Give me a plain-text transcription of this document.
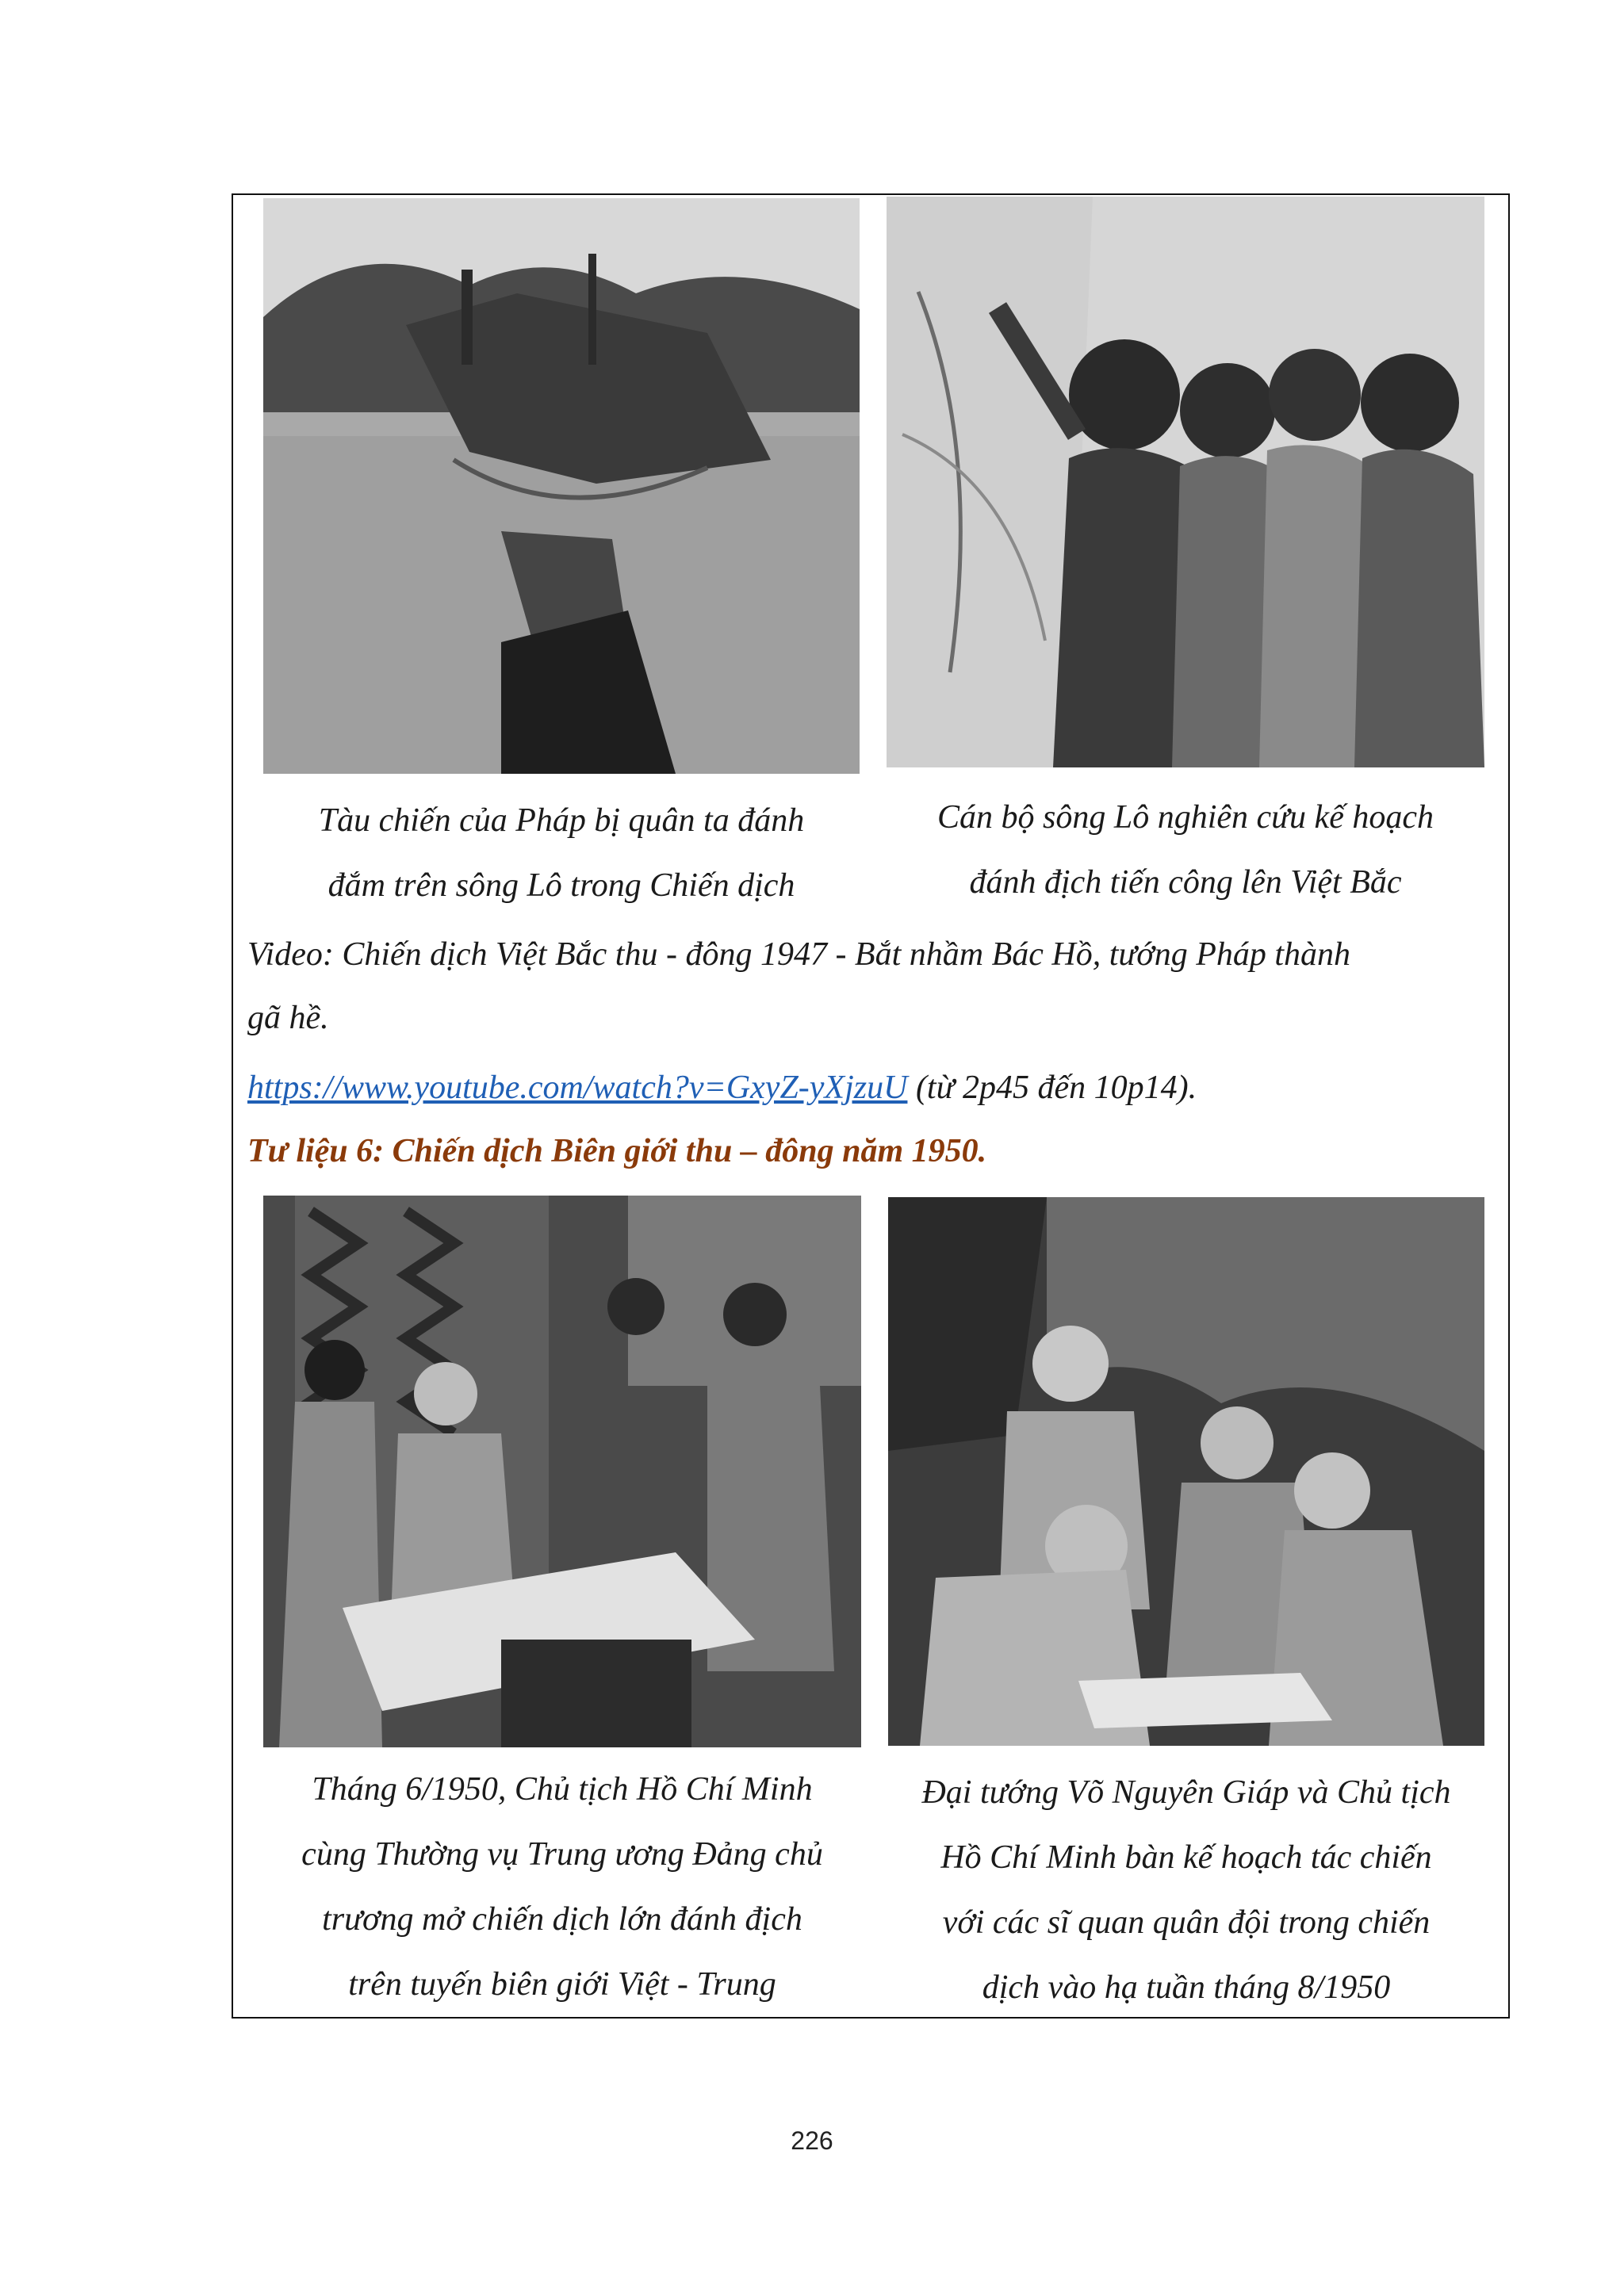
Tàu chiến của Pháp bị quân ta đánh
đắm trên sông Lô trong Chiến dịch
Cán bộ sông Lô nghiên cứu kế hoạch
đánh địch tiến công lên Việt Bắc
Video: Chiến dịch Việt Bắc thu - đông 1947 - Bắt nhầm Bác Hồ, tướng Pháp thành
gã hề.
https://www.youtube.com/watch?v=GxyZ-yXjzuU (từ 2p45 đến 10p14).
Tư liệu 6: Chiến dịch Biên giới thu – đông năm 1950.
Tháng 6/1950, Chủ tịch Hồ Chí Minh
cùng Thường vụ Trung ương Đảng chủ
trương mở chiến dịch lớn đánh địch
trên tuyến biên giới Việt - Trung
Đại tướng Võ Nguyên Giáp và Chủ tịch
Hồ Chí Minh bàn kế hoạch tác chiến
với các sĩ quan quân đội trong chiến
dịch vào hạ tuần tháng 8/1950
226
